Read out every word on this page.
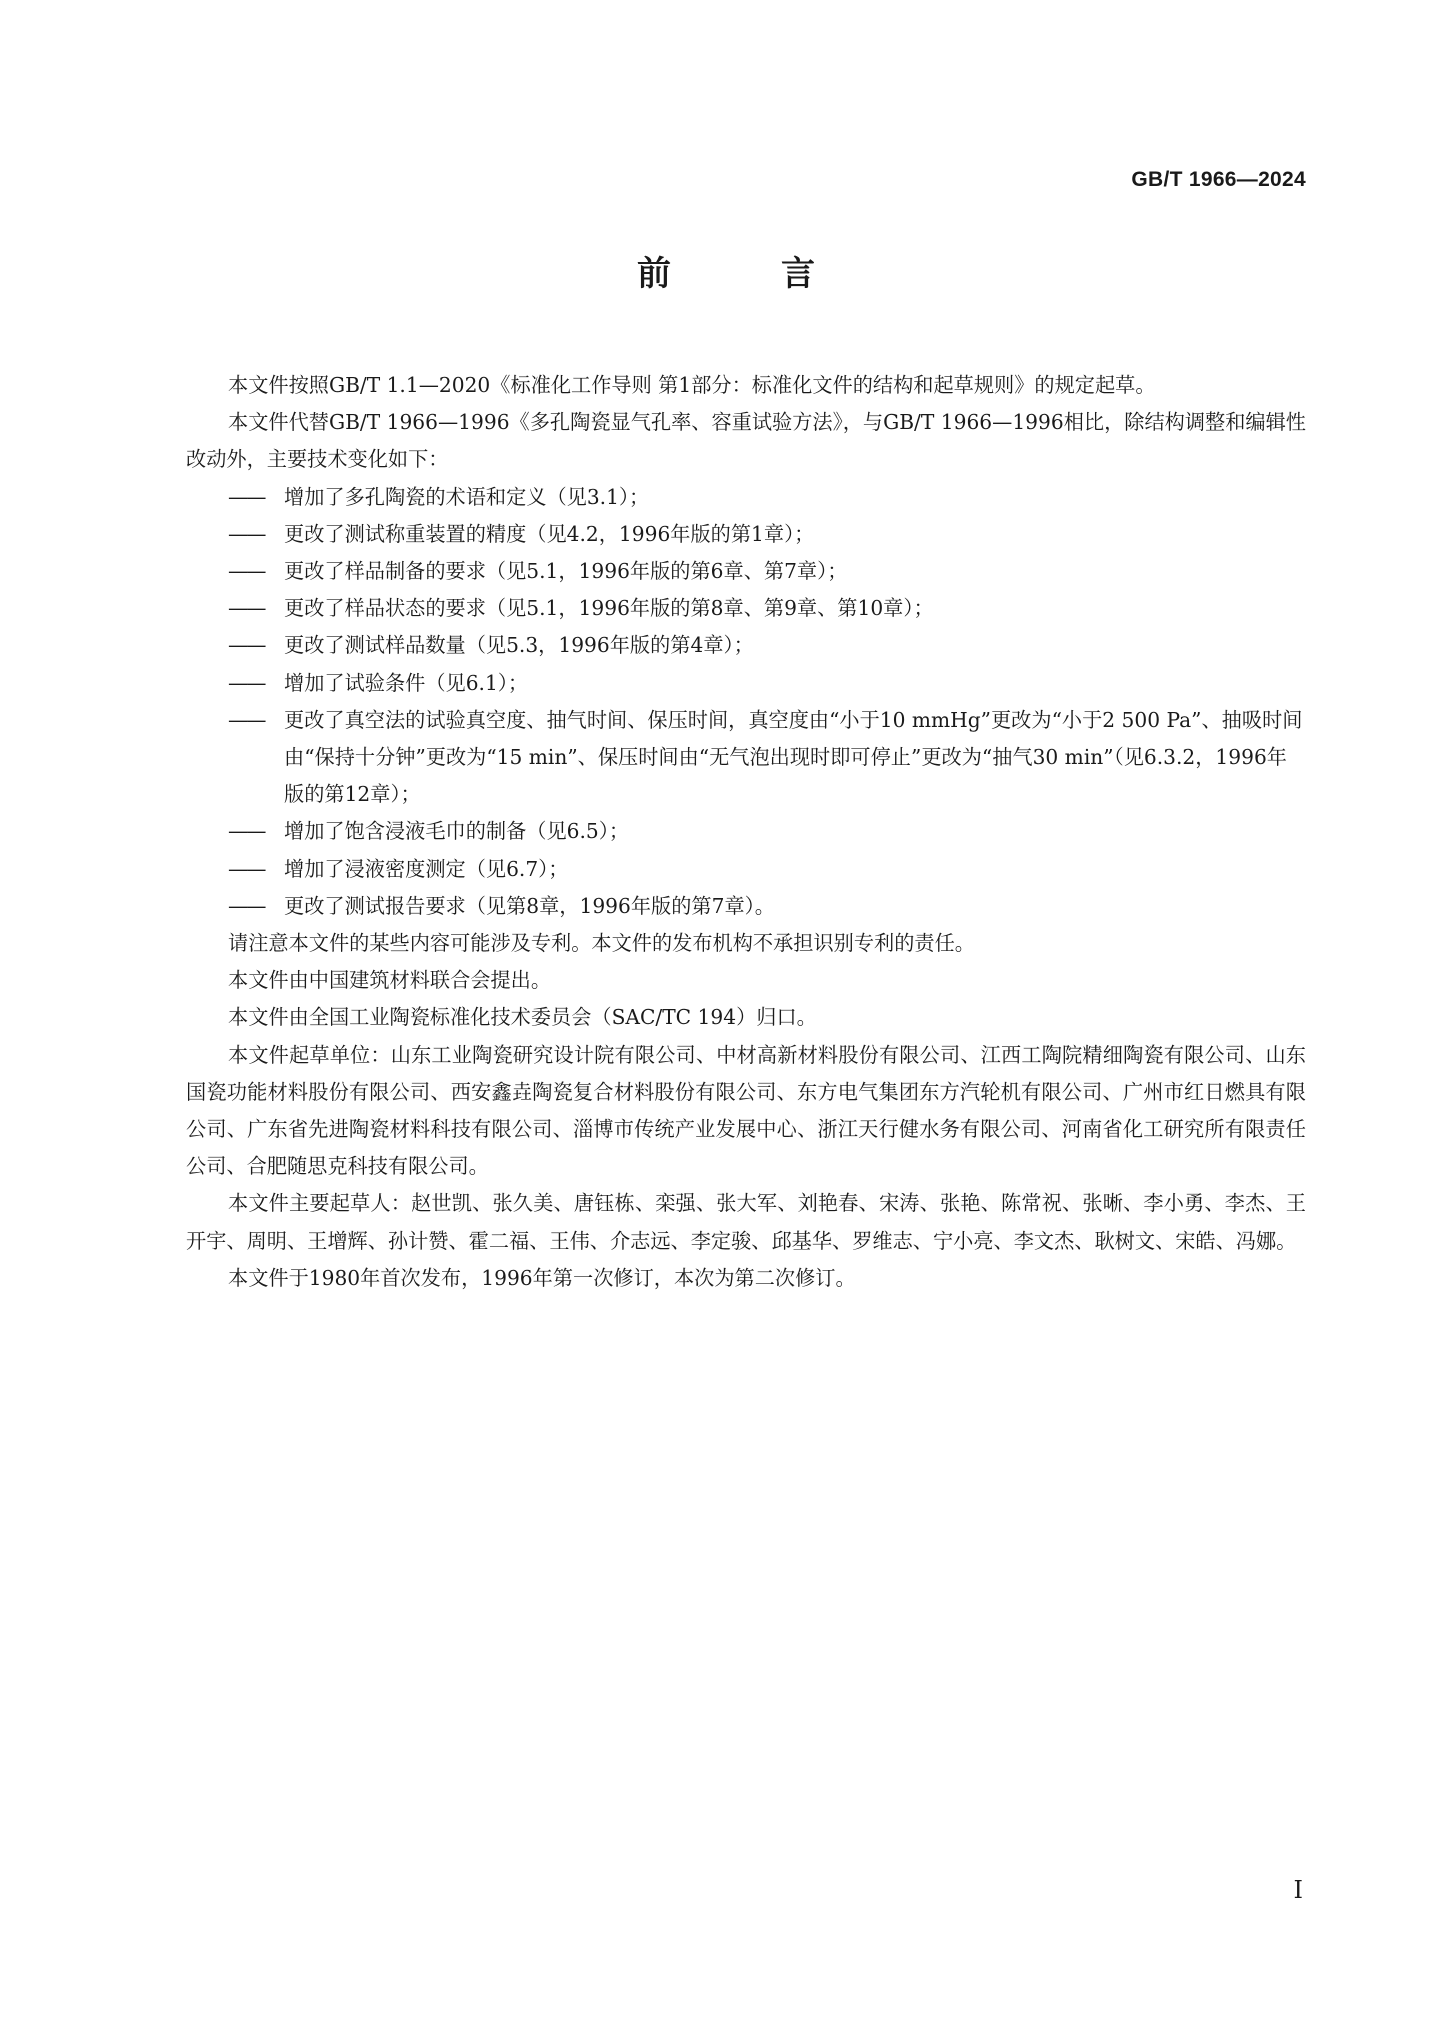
GB/T 1966—2024
前　言

本文件按照GB/T 1.1—2020《标准化工作导则 第1部分：标准化文件的结构和起草规则》的规定起草。

本文件代替GB/T 1966—1996《多孔陶瓷显气孔率、容重试验方法》，与GB/T 1966—1996相比，除结构调整和编辑性改动外，主要技术变化如下：

—— 增加了多孔陶瓷的术语和定义（见3.1）；
—— 更改了测试称重装置的精度（见4.2，1996年版的第1章）；
—— 更改了样品制备的要求（见5.1，1996年版的第6章、第7章）；
—— 更改了样品状态的要求（见5.1，1996年版的第8章、第9章、第10章）；
—— 更改了测试样品数量（见5.3，1996年版的第4章）；
—— 增加了试验条件（见6.1）；
—— 更改了真空法的试验真空度、抽气时间、保压时间，真空度由“小于10 mmHg”更改为“小于2 500 Pa”、抽吸时间由“保持十分钟”更改为“15 min”、保压时间由“无气泡出现时即可停止”更改为“抽气30 min”（见6.3.2，1996年版的第12章）；
—— 增加了饱含浸液毛巾的制备（见6.5）；
—— 增加了浸液密度测定（见6.7）；
—— 更改了测试报告要求（见第8章，1996年版的第7章）。

请注意本文件的某些内容可能涉及专利。本文件的发布机构不承担识别专利的责任。

本文件由中国建筑材料联合会提出。

本文件由全国工业陶瓷标准化技术委员会（SAC/TC 194）归口。

本文件起草单位：山东工业陶瓷研究设计院有限公司、中材高新材料股份有限公司、江西工陶院精细陶瓷有限公司、山东国瓷功能材料股份有限公司、西安鑫垚陶瓷复合材料股份有限公司、东方电气集团东方汽轮机有限公司、广州市红日燃具有限公司、广东省先进陶瓷材料科技有限公司、淄博市传统产业发展中心、浙江天行健水务有限公司、河南省化工研究所有限责任公司、合肥随思克科技有限公司。

本文件主要起草人：赵世凯、张久美、唐钰栋、栾强、张大军、刘艳春、宋涛、张艳、陈常祝、张晰、李小勇、李杰、王开宇、周明、王增辉、孙计赞、霍二福、王伟、介志远、李定骏、邱基华、罗维志、宁小亮、李文杰、耿树文、宋皓、冯娜。

本文件于1980年首次发布，1996年第一次修订，本次为第二次修订。

I
